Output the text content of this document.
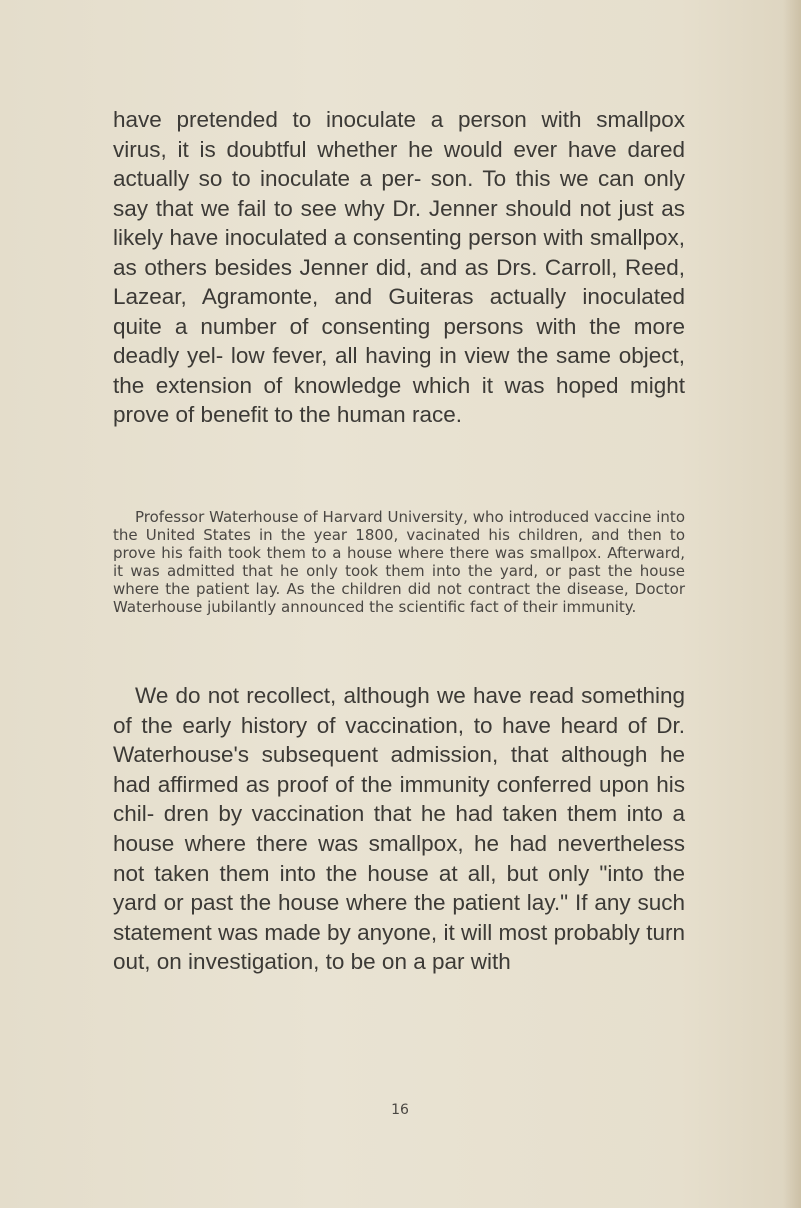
have pretended to inoculate a person with smallpox virus, it is doubtful whether he would ever have dared actually so to inoculate a per- son. To this we can only say that we fail to see why Dr. Jenner should not just as likely have inoculated a consenting person with smallpox, as others besides Jenner did, and as Drs. Carroll, Reed, Lazear, Agramonte, and Guiteras actually inoculated quite a number of consenting persons with the more deadly yel- low fever, all having in view the same object, the extension of knowledge which it was hoped might prove of benefit to the human race.

Professor Waterhouse of Harvard University, who introduced vaccine into the United States in the year 1800, vacinated his children, and then to prove his faith took them to a house where there was smallpox. Afterward, it was admitted that he only took them into the yard, or past the house where the patient lay. As the children did not contract the disease, Doctor Waterhouse jubilantly announced the scientific fact of their immunity.

We do not recollect, although we have read something of the early history of vaccination, to have heard of Dr. Waterhouse's subsequent admission, that although he had affirmed as proof of the immunity conferred upon his chil- dren by vaccination that he had taken them into a house where there was smallpox, he had nevertheless not taken them into the house at all, but only "into the yard or past the house where the patient lay." If any such statement was made by anyone, it will most probably turn out, on investigation, to be on a par with

16
